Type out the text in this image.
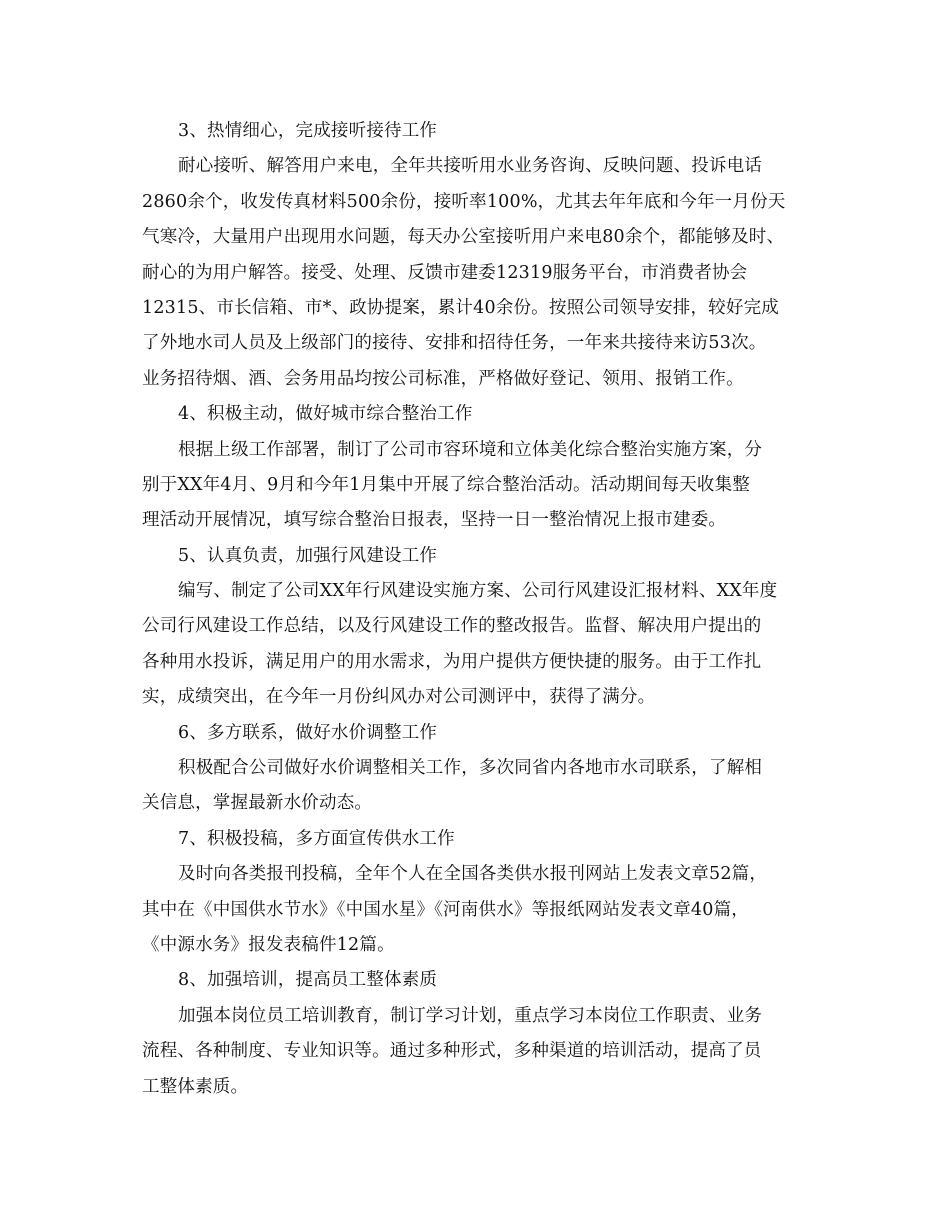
3、热情细心，完成接听接待工作
耐心接听、解答用户来电，全年共接听用水业务咨询、反映问题、投诉电话
2860余个，收发传真材料500余份，接听率100%，尤其去年年底和今年一月份天
气寒冷，大量用户出现用水问题，每天办公室接听用户来电80余个，都能够及时、
耐心的为用户解答。接受、处理、反馈市建委12319服务平台，市消费者协会
12315、市长信箱、市*、政协提案，累计40余份。按照公司领导安排，较好完成
了外地水司人员及上级部门的接待、安排和招待任务，一年来共接待来访53次。
业务招待烟、酒、会务用品均按公司标准，严格做好登记、领用、报销工作。
4、积极主动，做好城市综合整治工作
根据上级工作部署，制订了公司市容环境和立体美化综合整治实施方案，分
别于XX年4月、9月和今年1月集中开展了综合整治活动。活动期间每天收集整
理活动开展情况，填写综合整治日报表，坚持一日一整治情况上报市建委。
5、认真负责，加强行风建设工作
编写、制定了公司XX年行风建设实施方案、公司行风建设汇报材料、XX年度
公司行风建设工作总结，以及行风建设工作的整改报告。监督、解决用户提出的
各种用水投诉，满足用户的用水需求，为用户提供方便快捷的服务。由于工作扎
实，成绩突出，在今年一月份纠风办对公司测评中，获得了满分。
6、多方联系，做好水价调整工作
积极配合公司做好水价调整相关工作，多次同省内各地市水司联系，了解相
关信息，掌握最新水价动态。
7、积极投稿，多方面宣传供水工作
及时向各类报刊投稿，全年个人在全国各类供水报刊网站上发表文章52篇，
其中在《中国供水节水》《中国水星》《河南供水》等报纸网站发表文章40篇，
《中源水务》报发表稿件12篇。
8、加强培训，提高员工整体素质
加强本岗位员工培训教育，制订学习计划，重点学习本岗位工作职责、业务
流程、各种制度、专业知识等。通过多种形式，多种渠道的培训活动，提高了员
工整体素质。
